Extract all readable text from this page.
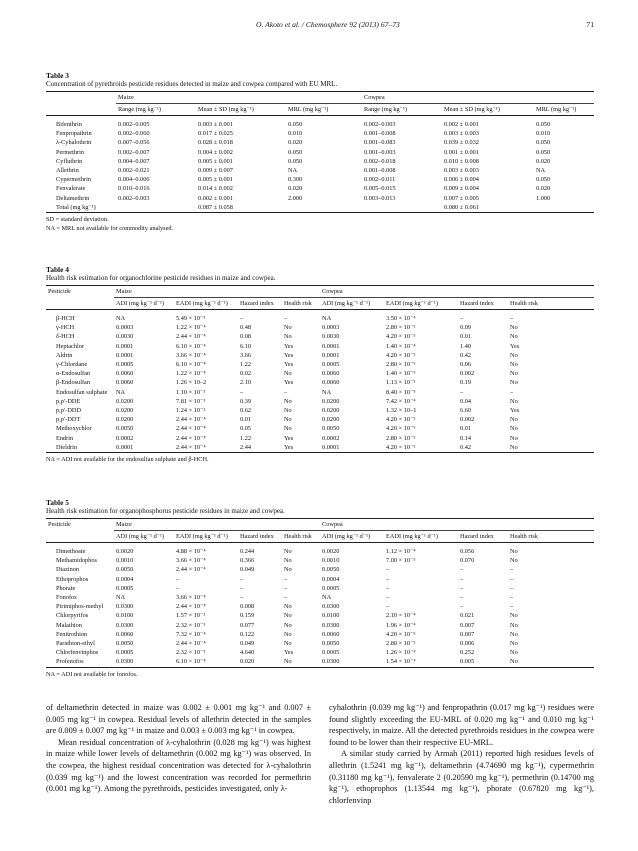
O. Akoto et al. / Chemosphere 92 (2013) 67–73	71
Table 3
Concentration of pyrethroids pesticide residues detected in maize and cowpea compared with EU MRL.
	Maize			Cowpea		
	Range (mg kg⁻¹)	Mean ± SD (mg kg⁻¹)	MRL (mg kg⁻¹)	Range (mg kg⁻¹)	Mean ± SD (mg kg⁻¹)	MRL (mg kg⁻¹)

Bifenthrin	0.002–0.005	0.003 ± 0.001	0.050	0.002–0.003	0.002 ± 0.001	0.050
Fenpropathrin	0.002–0.060	0.017 ± 0.025	0.010	0.001–0.008	0.003 ± 0.003	0.010
λ-Cyhalothrin	0.007–0.056	0.028 ± 0.018	0.020	0.001–0.083	0.039 ± 0.032	0.050
Permethrin	0.002–0.007	0.004 ± 0.002	0.050	0.001–0.003	0.001 ± 0.001	0.050
Cyfluthrin	0.004–0.007	0.005 ± 0.001	0.050	0.002–0.018	0.010 ± 0.008	0.020
Allethrin	0.002–0.021	0.009 ± 0.007	NA	0.001–0.008	0.003 ± 0.003	NA
Cypermethrin	0.004–0.006	0.005 ± 0.001	0.300	0.002–0.011	0.006 ± 0.004	0.050
Fenvalerate	0.010–0.016	0.014 ± 0.002	0.020	0.005–0.015	0.009 ± 0.004	0.020
Deltamethrin	0.002–0.003	0.002 ± 0.001	2.000	0.003–0.013	0.007 ± 0.005	1.000
Total (mg kg⁻¹)		0.087 ± 0.058			0.080 ± 0.061	
SD = standard deviation.
NA = MRL not available for commodity analysed.
Table 4
Health risk estimation for organochlorine pesticide residues in maize and cowpea.
Pesticide	Maize				Cowpea			
	ADI (mg kg⁻¹ d⁻¹)	EADI (mg kg⁻¹ d⁻¹)	Hazard index	Health risk	ADI (mg kg⁻¹ d⁻¹)	EADI (mg kg⁻¹ d⁻¹)	Hazard index	Health risk

β-HCH	NA	5.49 × 10⁻³	–	–	NA	3.50 × 10⁻⁴	–	–
γ-HCH	0.0003	1.22 × 10⁻⁴	0.48	No	0.0003	2.80 × 10⁻⁵	0.09	No
δ-HCH	0.0030	2.44 × 10⁻⁴	0.08	No	0.0030	4.20 × 10⁻⁵	0.01	No
Heptachlor	0.0001	6.10 × 10⁻⁴	6.10	Yes	0.0001	1.40 × 10⁻⁴	1.40	Yes
Aldrin	0.0001	3.66 × 10⁻⁴	3.66	Yes	0.0001	4.20 × 10⁻⁵	0.42	No
γ-Chlordane	0.0005	6.10 × 10⁻⁴	1.22	Yes	0.0005	2.80 × 10⁻⁵	0.06	No
α-Endosulfan	0.0060	1.22 × 10⁻⁴	0.02	No	0.0060	1.40 × 10⁻⁵	0.002	No
β-Endosulfan	0.0060	1.26 × 10–2	2.10	Yes	0.0060	1.13 × 10⁻³	0.19	No
Endosulfan sulphate	NA	1.10 × 10⁻³	–	–	NA	8.40 × 10⁻⁵	–	–
p,p′-DDE	0.0200	7.81 × 10⁻³	0.39	No	0.0200	7.42 × 10⁻⁴	0.04	No
p,p′-DDD	0.0200	1.24 × 10⁻²	0.62	No	0.0200	1.32 × 10–1	6.60	Yes
p,p′-DDT	0.0200	2.44 × 10⁻⁴	0.01	No	0.0200	4.20 × 10⁻⁵	0.002	No
Methoxychlor	0.0050	2.44 × 10⁻⁴	0.05	No	0.0050	4.20 × 10⁻⁵	0.01	No
Endrin	0.0002	2.44 × 10⁻⁴	1.22	Yes	0.0002	2.80 × 10⁻⁵	0.14	No
Dieldrin	0.0001	2.44 × 10⁻⁴	2.44	Yes	0.0001	4.20 × 10⁻⁵	0.42	No
NA = ADI not available for the endosulfan sulphate and β-HCH.
Table 5
Health risk estimation for organophosphorus pesticide residues in maize and cowpea.
Pesticide	Maize				Cowpea			
	ADI (mg kg⁻¹ d⁻¹)	EADI (mg kg⁻¹ d⁻¹)	Hazard index	Health risk	ADI (mg kg⁻¹ d⁻¹)	EADI (mg kg⁻¹ d⁻¹)	Hazard index	Health risk

Dimethoate	0.0020	4.88 × 10⁻⁴	0.244	No	0.0020	1.12 × 10⁻⁴	0.056	No
Methamidophos	0.0010	3.66 × 10⁻⁴	0.366	No	0.0010	7.00 × 10⁻⁵	0.070	No
Diazinon	0.0050	2.44 × 10⁻⁴	0.049	No	0.0050	–	–	–
Ethoprophos	0.0004	–	–	–	0.0004	–	–	–
Phorate	0.0005	–	–	–	0.0005	–	–	–
Fonofos	NA	3.66 × 10⁻⁴	–	–	NA	–	–	–
Pirimiphos-methyl	0.0300	2.44 × 10⁻⁴	0.008	No	0.0300	–	–	–
Chlorpyrifos	0.0100	1.57 × 10⁻³	0.159	No	0.0100	2.10 × 10⁻⁴	0.021	No
Malathion	0.0300	2.32 × 10⁻³	0.077	No	0.0300	1.96 × 10⁻⁴	0.007	No
Fenitrothion	0.0060	7.32 × 10⁻⁴	0.122	No	0.0060	4.20 × 10⁻⁵	0.007	No
Parathion-ethyl	0.0050	2.44 × 10⁻⁴	0.049	No	0.0050	2.80 × 10⁻⁵	0.006	No
Chlorfenvinphos	0.0005	2.32 × 10⁻³	4.640	Yes	0.0005	1.26 × 10⁻⁴	0.252	No
Profenofos	0.0300	6.10 × 10⁻⁴	0.020	No	0.0300	1.54 × 10⁻⁴	0.005	No
NA = ADI not available for fonofos.

of deltamethrin detected in maize was 0.002 ± 0.001 mg kg⁻¹ and 0.007 ± 0.005 mg kg⁻¹ in cowpea. Residual levels of allethrin detected in the samples are 0.009 ± 0.007 mg kg⁻¹ in maize and 0.003 ± 0.003 mg kg⁻¹ in cowpea.

Mean residual concentration of λ-cyhalothrin (0.028 mg kg⁻¹) was highest in maize while lower levels of deltamethrin (0.002 mg kg⁻¹) was observed. In the cowpea, the highest residual concentration was detected for λ-cyhalothrin (0.039 mg kg⁻¹) and the lowest concentration was recorded for permethrin (0.001 mg kg⁻¹). Among the pyrethroids, pesticides investigated, only λ-

cyhalothrin (0.039 mg kg⁻¹) and fenpropathrin (0.017 mg kg⁻¹) residues were found slightly exceeding the EU-MRL of 0.020 mg kg⁻¹ and 0.010 mg kg⁻¹ respectively, in maize. All the detected pyrethroids residues in the cowpea were found to be lower than their respective EU-MRL.

A similar study carried by Armah (2011) reported high residues levels of allethrin (1.5241 mg kg⁻¹), deltamethrin (4.74690 mg kg⁻¹), cypermethrin (0.31180 mg kg⁻¹), fenvalerate 2 (0.20590 mg kg⁻¹), permethrin (0.14700 mg kg⁻¹), ethoprophos (1.13544 mg kg⁻¹), phorate (0.67820 mg kg⁻¹), chlorfenvinp
